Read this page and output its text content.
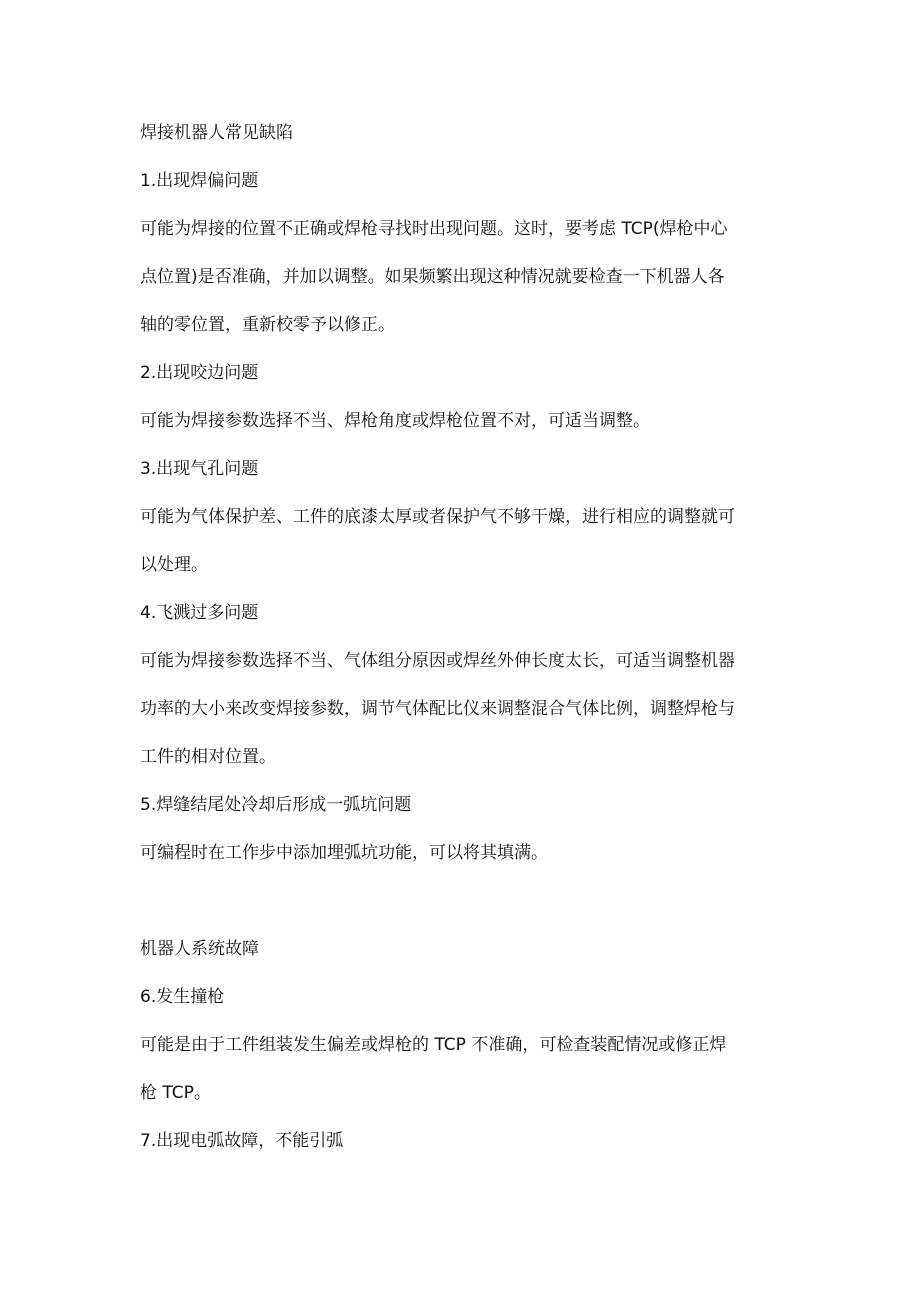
焊接机器人常见缺陷
1.出现焊偏问题
可能为焊接的位置不正确或焊枪寻找时出现问题。这时，要考虑 TCP(焊枪中心
点位置)是否准确，并加以调整。如果频繁出现这种情况就要检查一下机器人各
轴的零位置，重新校零予以修正。
2.出现咬边问题
可能为焊接参数选择不当、焊枪角度或焊枪位置不对，可适当调整。
3.出现气孔问题
可能为气体保护差、工件的底漆太厚或者保护气不够干燥，进行相应的调整就可
以处理。
4.飞溅过多问题
可能为焊接参数选择不当、气体组分原因或焊丝外伸长度太长，可适当调整机器
功率的大小来改变焊接参数，调节气体配比仪来调整混合气体比例，调整焊枪与
工件的相对位置。
5.焊缝结尾处冷却后形成一弧坑问题
可编程时在工作步中添加埋弧坑功能，可以将其填满。
机器人系统故障
6.发生撞枪
可能是由于工件组装发生偏差或焊枪的 TCP 不准确，可检查装配情况或修正焊
枪 TCP。
7.出现电弧故障，不能引弧
